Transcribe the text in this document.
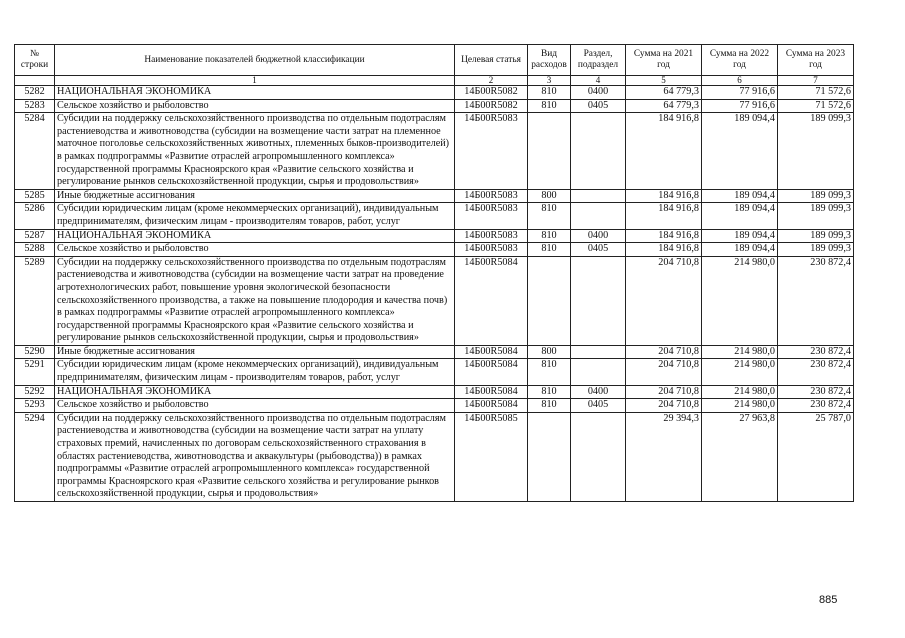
№ строки	Наименование показателей бюджетной классификации	Целевая статья	Вид расходов	Раздел, подраздел	Сумма на 2021 год	Сумма на 2022 год	Сумма на 2023 год
	1	2	3	4	5	6	7
5282	НАЦИОНАЛЬНАЯ ЭКОНОМИКА	14Б00R5082	810	0400	64 779,3	77 916,6	71 572,6
5283	Сельское хозяйство и рыболовство	14Б00R5082	810	0405	64 779,3	77 916,6	71 572,6
5284	Субсидии на поддержку сельскохозяйственного производства по отдельным подотраслям растениеводства и животноводства (субсидии на возмещение части затрат на племенное маточное поголовье сельскохозяйственных животных, племенных быков-производителей) в рамках подпрограммы «Развитие отраслей агропромышленного комплекса» государственной программы Красноярского края «Развитие сельского хозяйства и регулирование рынков сельскохозяйственной продукции, сырья и продовольствия»	14Б00R5083			184 916,8	189 094,4	189 099,3
5285	Иные бюджетные ассигнования	14Б00R5083	800		184 916,8	189 094,4	189 099,3
5286	Субсидии юридическим лицам (кроме некоммерческих организаций), индивидуальным предпринимателям, физическим лицам - производителям товаров, работ, услуг	14Б00R5083	810		184 916,8	189 094,4	189 099,3
5287	НАЦИОНАЛЬНАЯ ЭКОНОМИКА	14Б00R5083	810	0400	184 916,8	189 094,4	189 099,3
5288	Сельское хозяйство и рыболовство	14Б00R5083	810	0405	184 916,8	189 094,4	189 099,3
5289	Субсидии на поддержку сельскохозяйственного производства по отдельным подотраслям растениеводства и животноводства (субсидии на возмещение части затрат на проведение агротехнологических работ, повышение уровня экологической безопасности сельскохозяйственного производства, а также на повышение плодородия и качества почв) в рамках подпрограммы «Развитие отраслей агропромышленного комплекса» государственной программы Красноярского края «Развитие сельского хозяйства и регулирование рынков сельскохозяйственной продукции, сырья и продовольствия»	14Б00R5084			204 710,8	214 980,0	230 872,4
5290	Иные бюджетные ассигнования	14Б00R5084	800		204 710,8	214 980,0	230 872,4
5291	Субсидии юридическим лицам (кроме некоммерческих организаций), индивидуальным предпринимателям, физическим лицам - производителям товаров, работ, услуг	14Б00R5084	810		204 710,8	214 980,0	230 872,4
5292	НАЦИОНАЛЬНАЯ ЭКОНОМИКА	14Б00R5084	810	0400	204 710,8	214 980,0	230 872,4
5293	Сельское хозяйство и рыболовство	14Б00R5084	810	0405	204 710,8	214 980,0	230 872,4
5294	Субсидии на поддержку сельскохозяйственного производства по отдельным подотраслям растениеводства и животноводства (субсидии на возмещение части затрат на уплату страховых премий, начисленных по договорам сельскохозяйственного страхования в областях растениеводства, животноводства и аквакультуры (рыбоводства)) в рамках подпрограммы «Развитие отраслей агропромышленного комплекса» государственной программы Красноярского края «Развитие сельского хозяйства и регулирование рынков сельскохозяйственной продукции, сырья и продовольствия»	14Б00R5085			29 394,3	27 963,8	25 787,0
885
